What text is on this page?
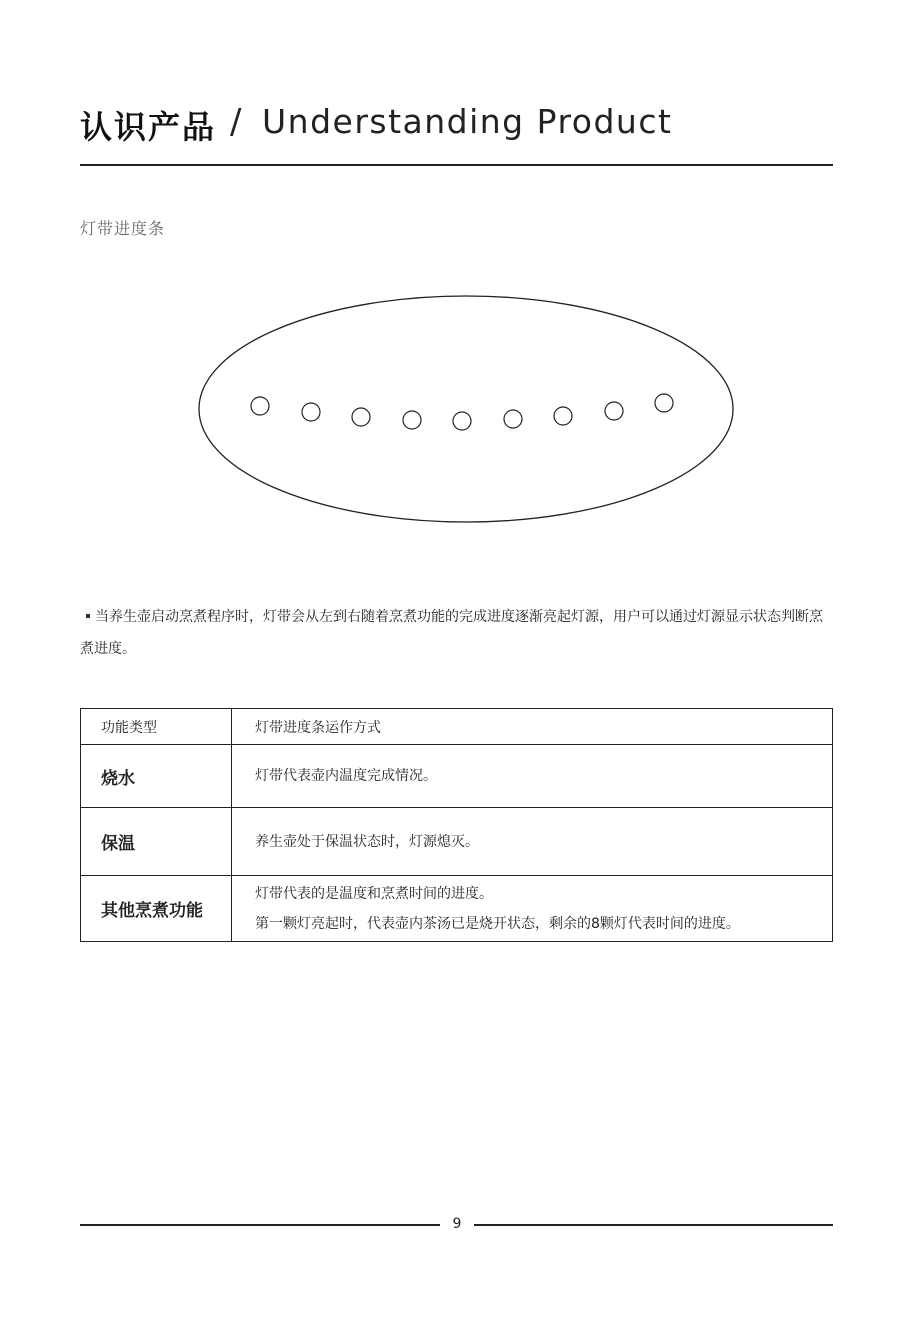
认识产品 / Understanding Product
灯带进度条
当养生壶启动烹煮程序时，灯带会从左到右随着烹煮功能的完成进度逐渐亮起灯源，用户可以通过灯源显示状态判断烹煮进度。
功能类型	灯带进度条运作方式
烧水	灯带代表壶内温度完成情况。

保温	养生壶处于保温状态时，灯源熄灭。

其他烹煮功能	灯带代表的是温度和烹煮时间的进度。
第一颗灯亮起时，代表壶内茶汤已是烧开状态，剩余的8颗灯代表时间的进度。
9
